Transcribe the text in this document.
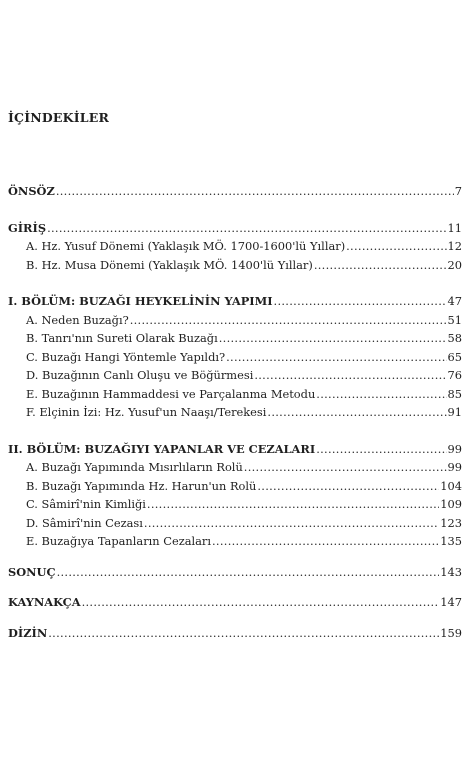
İÇİNDEKİLER
ÖNSÖZ .....	7
GİRİŞ .....	11
A. Hz. Yusuf Dönemi (Yaklaşık MÖ. 1700-1600'lü Yıllar) .....	12
B. Hz. Musa Dönemi (Yaklaşık MÖ. 1400'lü Yıllar) .....	20
I. BÖLÜM: BUZAĞI HEYKELİNİN YAPIMI .....	47
A. Neden Buzağı? .....	51
B. Tanrı'nın Sureti Olarak Buzağı .....	58
C. Buzağı Hangi Yöntemle Yapıldı? .....	65
D. Buzağının Canlı Oluşu ve Böğürmesi .....	76
E. Buzağının Hammaddesi ve Parçalanma Metodu .....	85
F. Elçinin İzi: Hz. Yusuf'un Naaşı/Terekesi .....	91
II. BÖLÜM: BUZAĞIYI YAPANLAR VE CEZALARI .....	99
A. Buzağı Yapımında Mısırlıların Rolü .....	99
B. Buzağı Yapımında Hz. Harun'un Rolü .....	104
C. Sâmirî'nin Kimliği .....	109
D. Sâmirî'nin Cezası .....	123
E. Buzağıya Tapanların Cezaları .....	135
SONUÇ .....	143
KAYNAKÇA .....	147
DİZİN .....	159
